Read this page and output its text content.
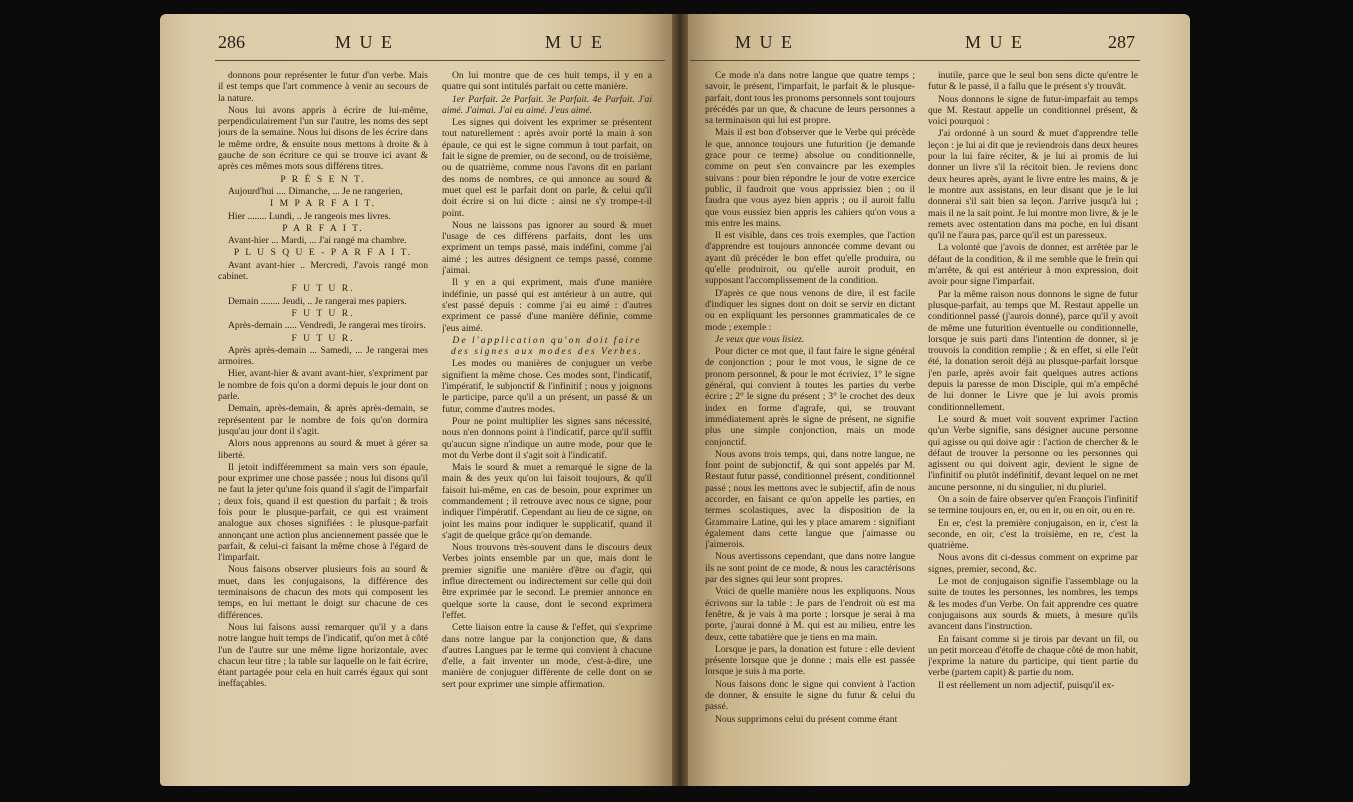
286	M U E	M U E	M U E	M U E	287

donnons pour représenter le futur d'un verbe. Mais il est temps que l'art commence à venir au secours de la nature.

Nous lui avons appris à écrire de lui-même, perpendiculairement l'un sur l'autre, les noms des sept jours de la semaine. Nous lui disons de les écrire dans le même ordre, & ensuite nous mettons à droite & à gauche de son écriture ce qui se trouve ici avant & après ces mêmes mots sous différens titres.

P R É S E N T.

Aujourd'hui .... Dimanche, ... Je ne rangerien,

I M P A R F A I T.

Hier ........ Lundi, .. Je rangeois mes livres.

P A R F A I T.

Avant-hier ... Mardi, ... J'ai rangé ma chambre.

P L U S Q U E - P A R F A I T.

Avant avant-hier .. Mercredi, J'avois rangé mon cabinet.

F U T U R.

Demain ........ Jeudi, .. Je rangerai mes papiers.

F U T U R.

Après-demain ..... Vendredi, Je rangerai mes tiroirs.

F U T U R.

Après après-demain ... Samedi, ... Je rangerai mes armoires.

Hier, avant-hier & avant avant-hier, s'expriment par le nombre de fois qu'on a dormi depuis le jour dont on parle.

Demain, après-demain, & après après-demain, se représentent par le nombre de fois qu'on dormira jusqu'au jour dont il s'agit.

Alors nous apprenons au sourd & muet à gérer sa liberté.

Il jetoit indifféremment sa main vers son épaule, pour exprimer une chose passée ; nous lui disons qu'il ne faut la jeter qu'une fois quand il s'agit de l'imparfait ; deux fois, quand il est question du parfait ; & trois fois pour le plusque-parfait, ce qui est vraiment analogue aux choses signifiées : le plusque-parfait annonçant une action plus anciennement passée que le parfait, & celui-ci faisant la même chose à l'égard de l'imparfait.

Nous faisons observer plusieurs fois au sourd & muet, dans les conjugaisons, la différence des terminaisons de chacun des mots qui composent les temps, en lui mettant le doigt sur chacune de ces différences.

Nous lui faisons aussi remarquer qu'il y a dans notre langue huit temps de l'indicatif, qu'on met à côté l'un de l'autre sur une même ligne horizontale, avec chacun leur titre ; la table sur laquelle on le fait écrire, étant partagée pour cela en huit carrés égaux qui sont ineffaçables.

On lui montre que de ces huit temps, il y en a quatre qui sont intitulés parfait ou cette manière.

1er Parfait. 2e Parfait. 3e Parfait. 4e Parfait. J'ai aimé. J'aimai. J'ai eu aimé. J'eus aimé.

Les signes qui doivent les exprimer se présentent tout naturellement : après avoir porté la main à son épaule, ce qui est le signe commun à tout parfait, on fait le signe de premier, ou de second, ou de troisième, ou de quatrième, comme nous l'avons dit en parlant des noms de nombres, ce qui annonce au sourd & muet quel est le parfait dont on parle, & celui qu'il doit écrire si on lui dicte : ainsi ne s'y trompe-t-il point.

Nous ne laissons pas ignorer au sourd & muet l'usage de ces différens parfaits, dont les uns expriment un temps passé, mais indéfini, comme j'ai aimé ; les autres désignent ce temps passé, comme j'aimai.

Il y en a qui expriment, mais d'une manière indéfinie, un passé qui est antérieur à un autre, qui s'est passé depuis : comme j'ai eu aimé : d'autres expriment ce passé d'une manière définie, comme j'eus aimé.

De l'application qu'on doit faire des signes aux modes des Verbes.

Les modes ou manières de conjuguer un verbe signifient la même chose. Ces modes sont, l'indicatif, l'impératif, le subjonctif & l'infinitif ; nous y joignons le participe, parce qu'il a un présent, un passé & un futur, comme d'autres modes.

Pour ne point multiplier les signes sans nécessité, nous n'en donnons point à l'indicatif, parce qu'il suffit qu'aucun signe n'indique un autre mode, pour que le mot du Verbe dont il s'agit soit à l'indicatif.

Mais le sourd & muet a remarqué le signe de la main & des yeux qu'on lui faisoit toujours, & qu'il faisoit lui-même, en cas de besoin, pour exprimer un commandement ; il retrouve avec nous ce signe, pour indiquer l'impératif. Cependant au lieu de ce signe, on joint les mains pour indiquer le supplicatif, quand il s'agit de quelque grâce qu'on demande.

Nous trouvons très-souvent dans le discours deux Verbes joints ensemble par un que, mais dont le premier signifie une manière d'être ou d'agir, qui influe directement ou indirectement sur celle qui doit être exprimée par le second. Le premier annonce en quelque sorte la cause, dont le second exprimera l'effet.

Cette liaison entre la cause & l'effet, qui s'exprime dans notre langue par la conjonction que, & dans d'autres Langues par le terme qui convient à chacune d'elle, a fait inventer un mode, c'est-à-dire, une manière de conjuguer différente de celle dont on se sert pour exprimer une simple affirmation.

Ce mode n'a dans notre langue que quatre temps ; savoir, le présent, l'imparfait, le parfait & le plusque-parfait, dont tous les pronoms personnels sont toujours précédés par un que, & chacune de leurs personnes a sa terminaison qui lui est propre.

Mais il est bon d'observer que le Verbe qui précède le que, annonce toujours une futurition (je demande grace pour ce terme) absolue ou conditionnelle, comme on peut s'en convaincre par les exemples suivans : pour bien répondre le jour de votre exercice public, il faudroit que vous apprissiez bien ; ou il faudra que vous ayez bien appris ; ou il auroit fallu que vous eussiez bien appris les cahiers qu'on vous a mis entre les mains.

Il est visible, dans ces trois exemples, que l'action d'apprendre est toujours annoncée comme devant ou ayant dû précéder le bon effet qu'elle produira, ou qu'elle produiroit, ou qu'elle auroit produit, en supposant l'accomplissement de la condition.

D'après ce que nous venons de dire, il est facile d'indiquer les signes dont on doit se servir en dictant ou en expliquant les personnes grammaticales de ce mode ; exemple :

Je veux que vous lisiez.

Pour dicter ce mot que, il faut faire le signe général de conjonction ; pour le mot vous, le signe de ce pronom personnel, & pour le mot écriviez, 1° le signe général, qui convient à toutes les parties du verbe écrire ; 2° le signe du présent ; 3° le crochet des deux index en forme d'agrafe, qui, se trouvant immédiatement après le signe de présent, ne signifie plus une simple conjonction, mais un mode conjonctif.

Nous avons trois temps, qui, dans notre langue, ne font point de subjonctif, & qui sont appelés par M. Restaut futur passé, conditionnel présent, conditionnel passé ; nous les mettons avec le subjectif, afin de nous accorder, en faisant ce qu'on appelle les parties, en termes scolastiques, avec la disposition de la Grammaire Latine, qui les y place amarem : signifiant également dans cette langue que j'aimasse ou j'aimerois.

Nous avertissons cependant, que dans notre langue ils ne sont point de ce mode, & nous les caractérisons par des signes qui leur sont propres.

Voici de quelle manière nous les expliquons. Nous écrivons sur la table : Je pars de l'endroit où est ma fenêtre, & je vais à ma porte ; lorsque je serai à ma porte, j'aurai donné à M. qui est au milieu, entre les deux, cette tabatière que je tiens en ma main.

Lorsque je pars, la donation est future : elle devient présente lorsque que je donne ; mais elle est passée lorsque je suis à ma porte.

Nous faisons donc le signe qui convient à l'action de donner, & ensuite le signe du futur & celui du passé.

Nous supprimons celui du présent comme étant

inutile, parce que le seul bon sens dicte qu'entre le futur & le passé, il a fallu que le présent s'y trouvât.

Nous donnons le signe de futur-imparfait au temps que M. Restaut appelle un conditionnel présent, & voici pourquoi :

J'ai ordonné à un sourd & muet d'apprendre telle leçon : je lui ai dit que je reviendrois dans deux heures pour la lui faire réciter, & je lui ai promis de lui donner un livre s'il la récitoit bien. Je reviens donc deux heures après, ayant le livre entre les mains, & je le montre aux assistans, en leur disant que je le lui donnerai s'il sait bien sa leçon. J'arrive jusqu'à lui ; mais il ne la sait point. Je lui montre mon livre, & je le remets avec ostentation dans ma poche, en lui disant qu'il ne l'aura pas, parce qu'il est un paresseux.

La volonté que j'avois de donner, est arrêtée par le défaut de la condition, & il me semble que le frein qui m'arrête, & qui est antérieur à mon expression, doit avoir pour signe l'imparfait.

Par la même raison nous donnons le signe de futur plusque-parfait, au temps que M. Restaut appelle un conditionnel passé (j'aurois donné), parce qu'il y avoit de même une futurition éventuelle ou conditionnelle, lorsque je suis parti dans l'intention de donner, si je trouvois la condition remplie ; & en effet, si elle l'eût été, la donation seroit déjà au plusque-parfait lorsque j'en parle, après avoir fait quelques autres actions depuis la paresse de mon Disciple, qui m'a empêché de lui donner le Livre que je lui avois promis conditionnellement.

Le sourd & muet voit souvent exprimer l'action qu'un Verbe signifie, sans désigner aucune personne qui agisse ou qui doive agir : l'action de chercher & le défaut de trouver la personne ou les personnes qui agissent ou qui doivent agir, devient le signe de l'infinitif ou plutôt indéfinitif, devant lequel on ne met aucune personne, ni du singulier, ni du pluriel.

On a soin de faire observer qu'en François l'infinitif se termine toujours en, er, ou en ir, ou en oir, ou en re.

En er, c'est la première conjugaison, en ir, c'est la seconde, en oir, c'est la troisième, en re, c'est la quatrième.

Nous avons dit ci-dessus comment on exprime par signes, premier, second, &c.

Le mot de conjugaison signifie l'assemblage ou la suite de toutes les personnes, les nombres, les temps & les modes d'un Verbe. On fait apprendre ces quatre conjugaisons aux sourds & muets, à mesure qu'ils avancent dans l'instruction.

En faisant comme si je tirois par devant un fil, ou un petit morceau d'étoffe de chaque côté de mon habit, j'exprime la nature du participe, qui tient partie du verbe (partem capit) & partie du nom.

Il est réellement un nom adjectif, puisqu'il ex-
